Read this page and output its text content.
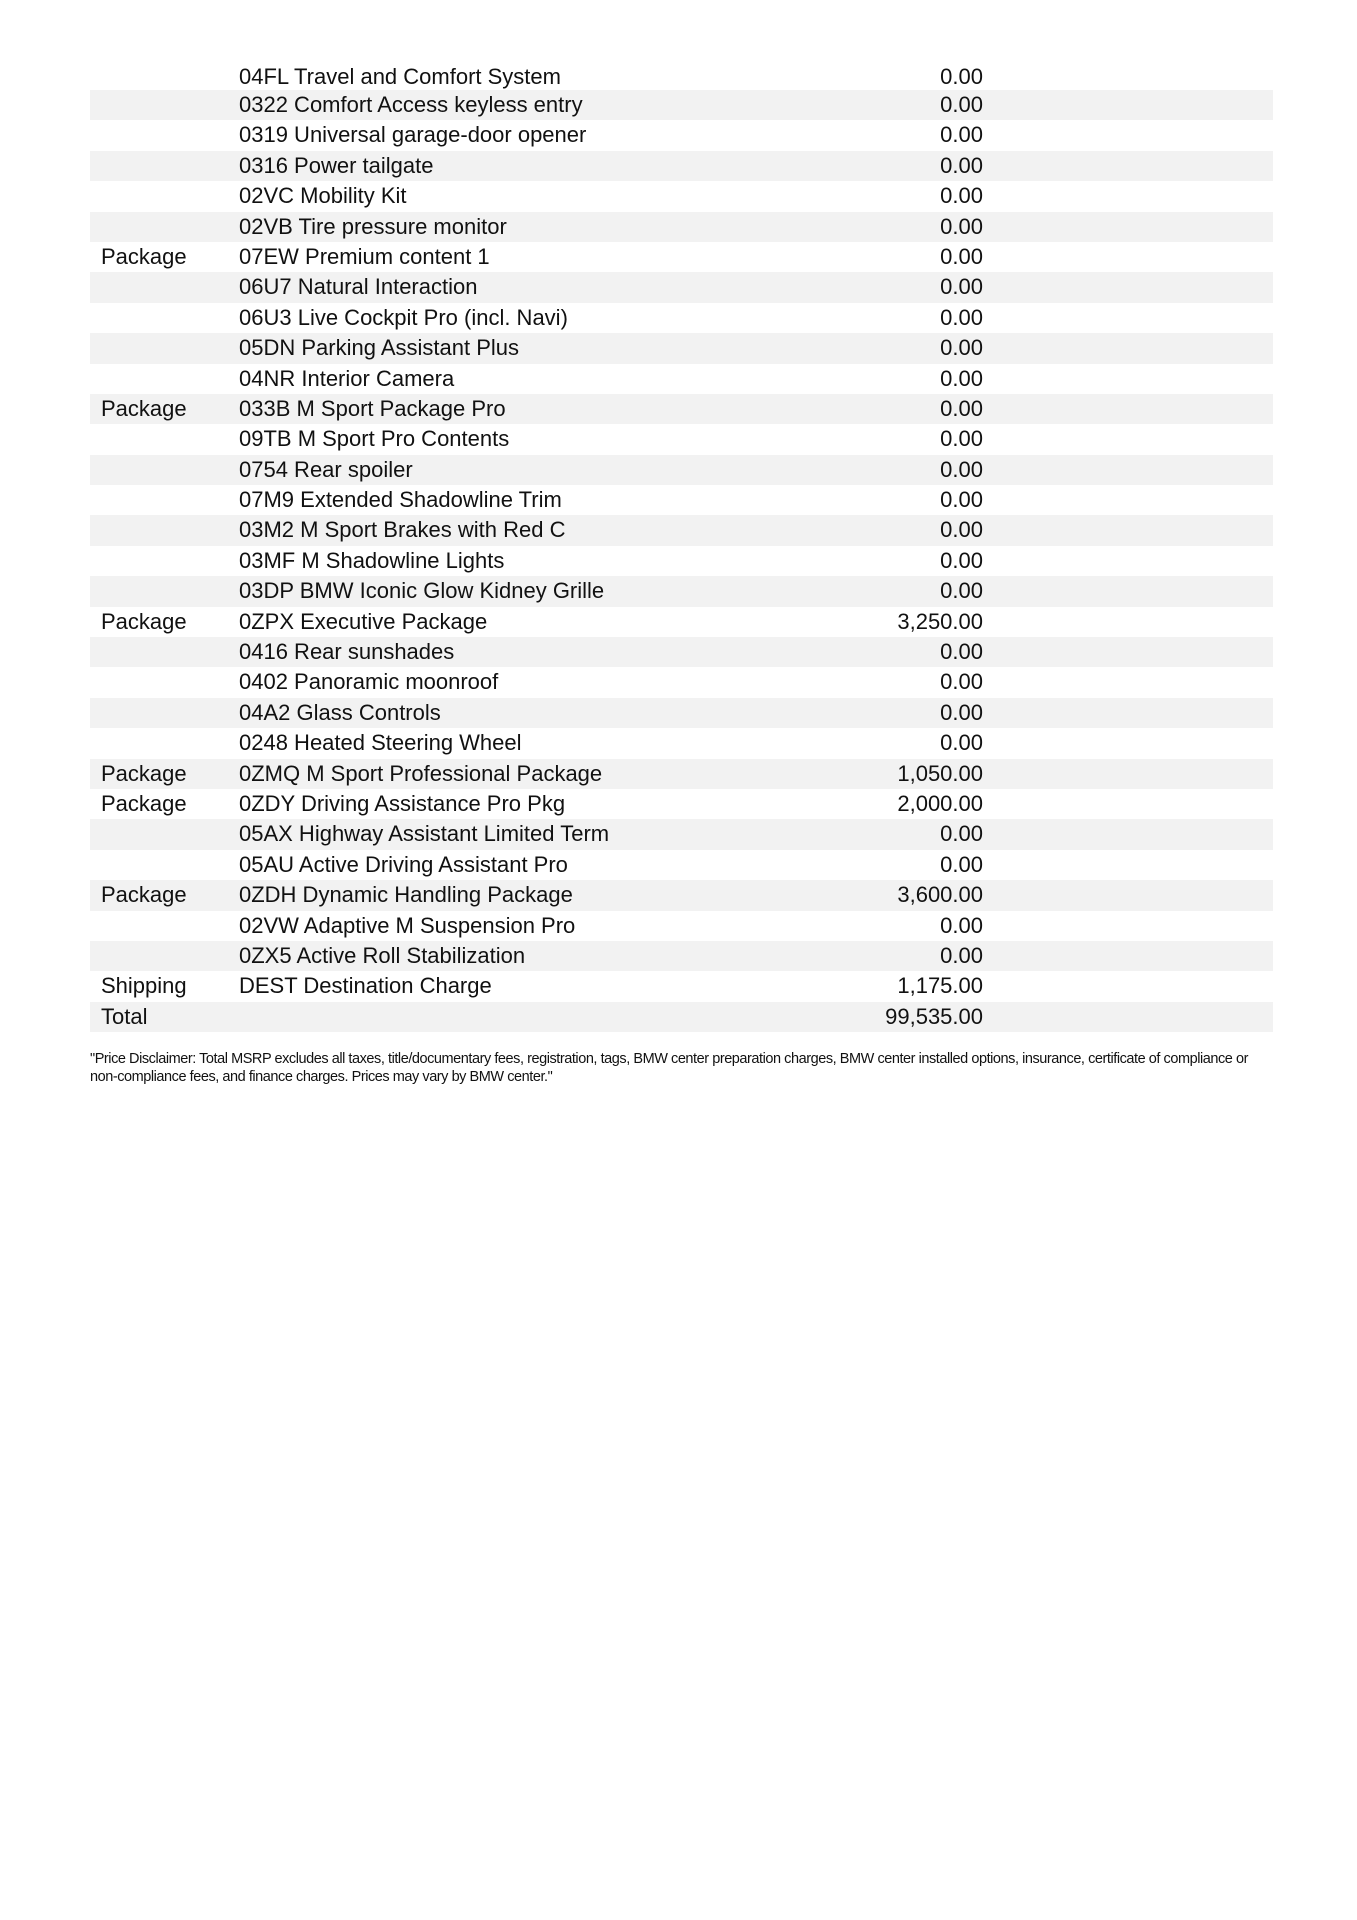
04FL Travel and Comfort System	0.00
0322 Comfort Access keyless entry	0.00
0319 Universal garage-door opener	0.00
0316 Power tailgate	0.00
02VC Mobility Kit	0.00
02VB Tire pressure monitor	0.00
Package 07EW Premium content 1	0.00
06U7 Natural Interaction	0.00
06U3 Live Cockpit Pro (incl. Navi)	0.00
05DN Parking Assistant Plus	0.00
04NR Interior Camera	0.00
Package 033B M Sport Package Pro	0.00
09TB M Sport Pro Contents	0.00
0754 Rear spoiler	0.00
07M9 Extended Shadowline Trim	0.00
03M2 M Sport Brakes with Red C	0.00
03MF M Shadowline Lights	0.00
03DP BMW Iconic Glow Kidney Grille	0.00
Package 0ZPX Executive Package	3,250.00
0416 Rear sunshades	0.00
0402 Panoramic moonroof	0.00
04A2 Glass Controls	0.00
0248 Heated Steering Wheel	0.00
Package 0ZMQ M Sport Professional Package	1,050.00
Package 0ZDY Driving Assistance Pro Pkg	2,000.00
05AX Highway Assistant Limited Term	0.00
05AU Active Driving Assistant Pro	0.00
Package 0ZDH Dynamic Handling Package	3,600.00
02VW Adaptive M Suspension Pro	0.00
0ZX5 Active Roll Stabilization	0.00
Shipping DEST Destination Charge	1,175.00
Total	99,535.00
"Price Disclaimer: Total MSRP excludes all taxes, title/documentary fees, registration, tags, BMW center preparation charges, BMW center installed options, insurance, certificate of compliance or non-compliance fees, and finance charges. Prices may vary by BMW center."
